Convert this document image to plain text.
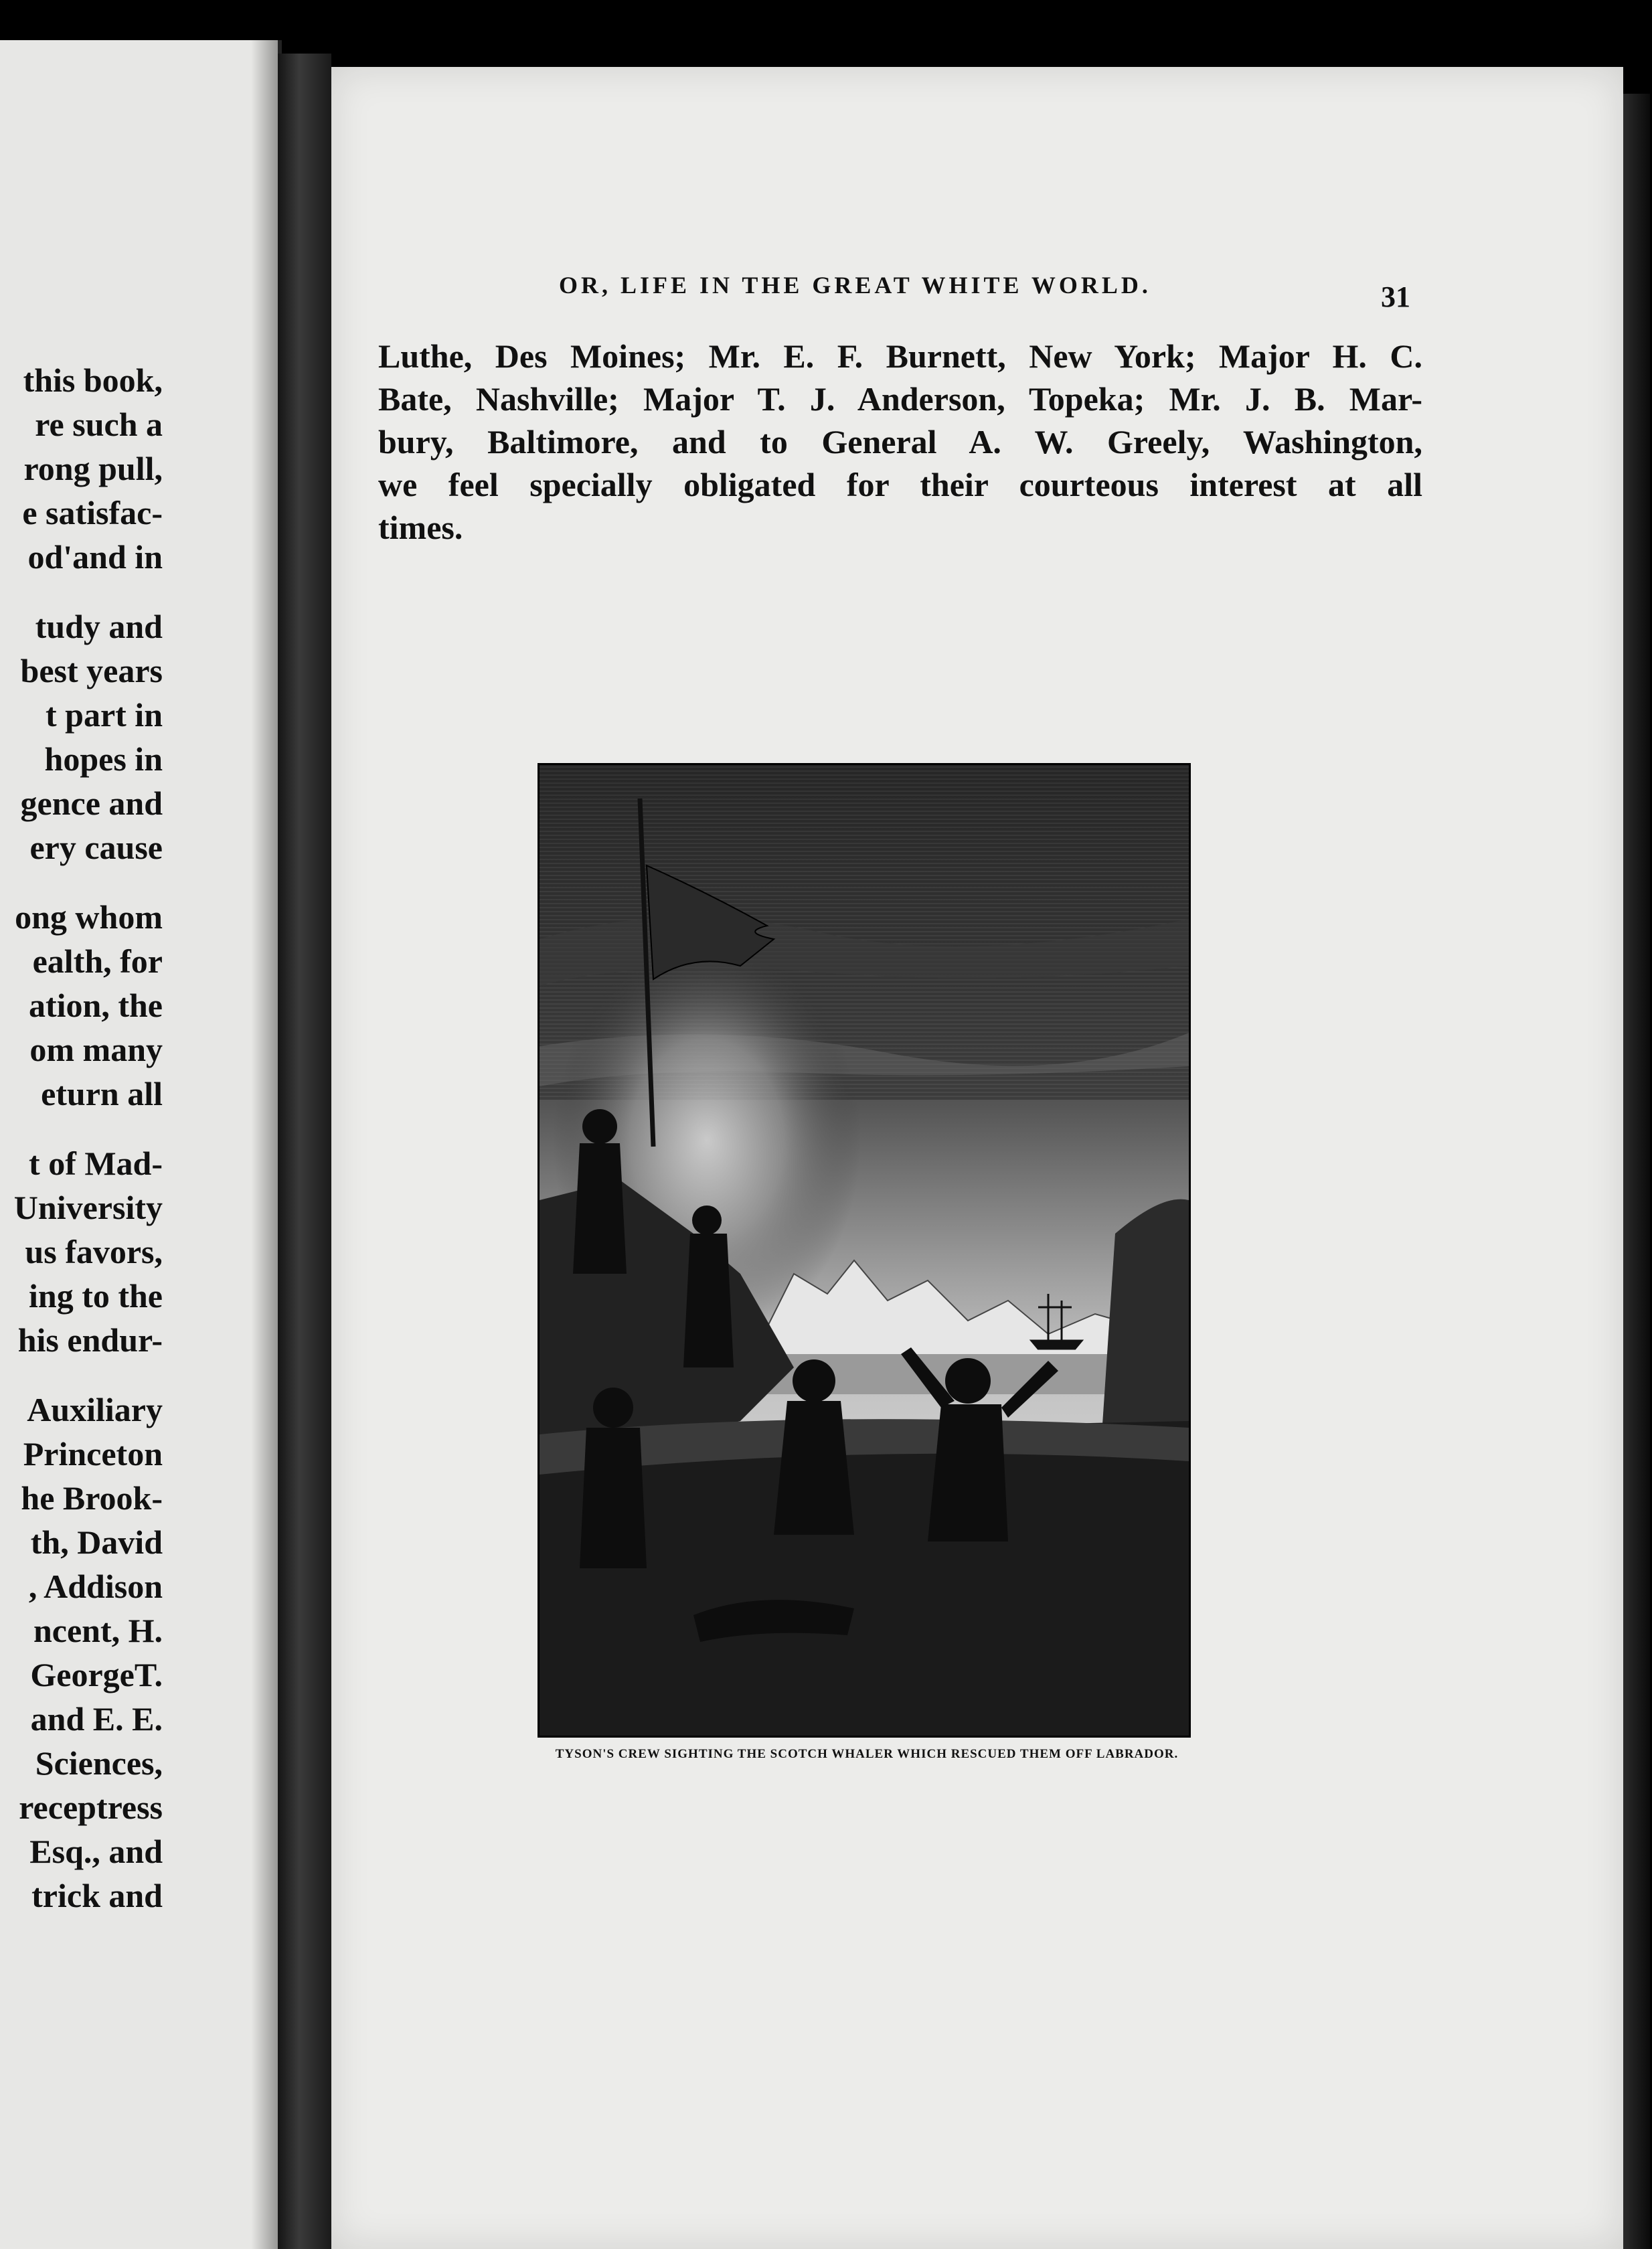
this book,
re such a
rong pull,
e satisfac-
od'and in
tudy and
best years
t part in
hopes in
gence and
ery cause
ong whom
ealth, for
ation, the
om many
eturn all
t of Mad-
University
us favors,
ing to the
his endur-
Auxiliary
Princeton
he Brook-
th, David
, Addison
ncent, H.
GeorgeT.
and E. E.
Sciences,
receptress
Esq., and
trick and
OR, LIFE IN THE GREAT WHITE WORLD.	31
Luthe, Des Moines; Mr. E. F. Burnett, New York; Major H. C.
Bate, Nashville; Major T. J. Anderson, Topeka; Mr. J. B. Mar-
bury, Baltimore, and to General A. W. Greely, Washington,
we feel specially obligated for their courteous interest at all
times.
TYSON'S CREW SIGHTING THE SCOTCH WHALER WHICH RESCUED THEM OFF LABRADOR.
